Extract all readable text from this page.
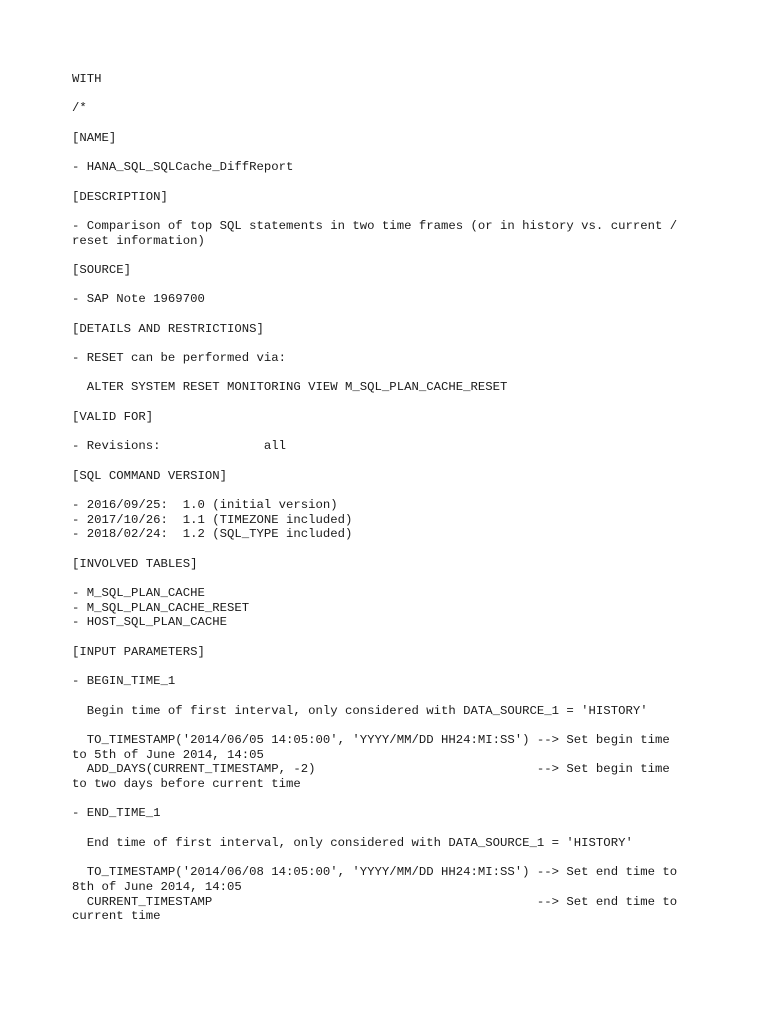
WITH
/*
[NAME]
- HANA_SQL_SQLCache_DiffReport
[DESCRIPTION]
- Comparison of top SQL statements in two time frames (or in history vs. current /
reset information)
[SOURCE]
- SAP Note 1969700
[DETAILS AND RESTRICTIONS]
- RESET can be performed via:
ALTER SYSTEM RESET MONITORING VIEW M_SQL_PLAN_CACHE_RESET
[VALID FOR]
- Revisions:              all
[SQL COMMAND VERSION]
- 2016/09/25:  1.0 (initial version)
- 2017/10/26:  1.1 (TIMEZONE included)
- 2018/02/24:  1.2 (SQL_TYPE included)
[INVOLVED TABLES]
- M_SQL_PLAN_CACHE
- M_SQL_PLAN_CACHE_RESET
- HOST_SQL_PLAN_CACHE
[INPUT PARAMETERS]
- BEGIN_TIME_1
Begin time of first interval, only considered with DATA_SOURCE_1 = 'HISTORY'
TO_TIMESTAMP('2014/06/05 14:05:00', 'YYYY/MM/DD HH24:MI:SS') --> Set begin time
to 5th of June 2014, 14:05
ADD_DAYS(CURRENT_TIMESTAMP, -2)                              --> Set begin time
to two days before current time
- END_TIME_1
End time of first interval, only considered with DATA_SOURCE_1 = 'HISTORY'
TO_TIMESTAMP('2014/06/08 14:05:00', 'YYYY/MM/DD HH24:MI:SS') --> Set end time to
8th of June 2014, 14:05
CURRENT_TIMESTAMP                                            --> Set end time to
current time
